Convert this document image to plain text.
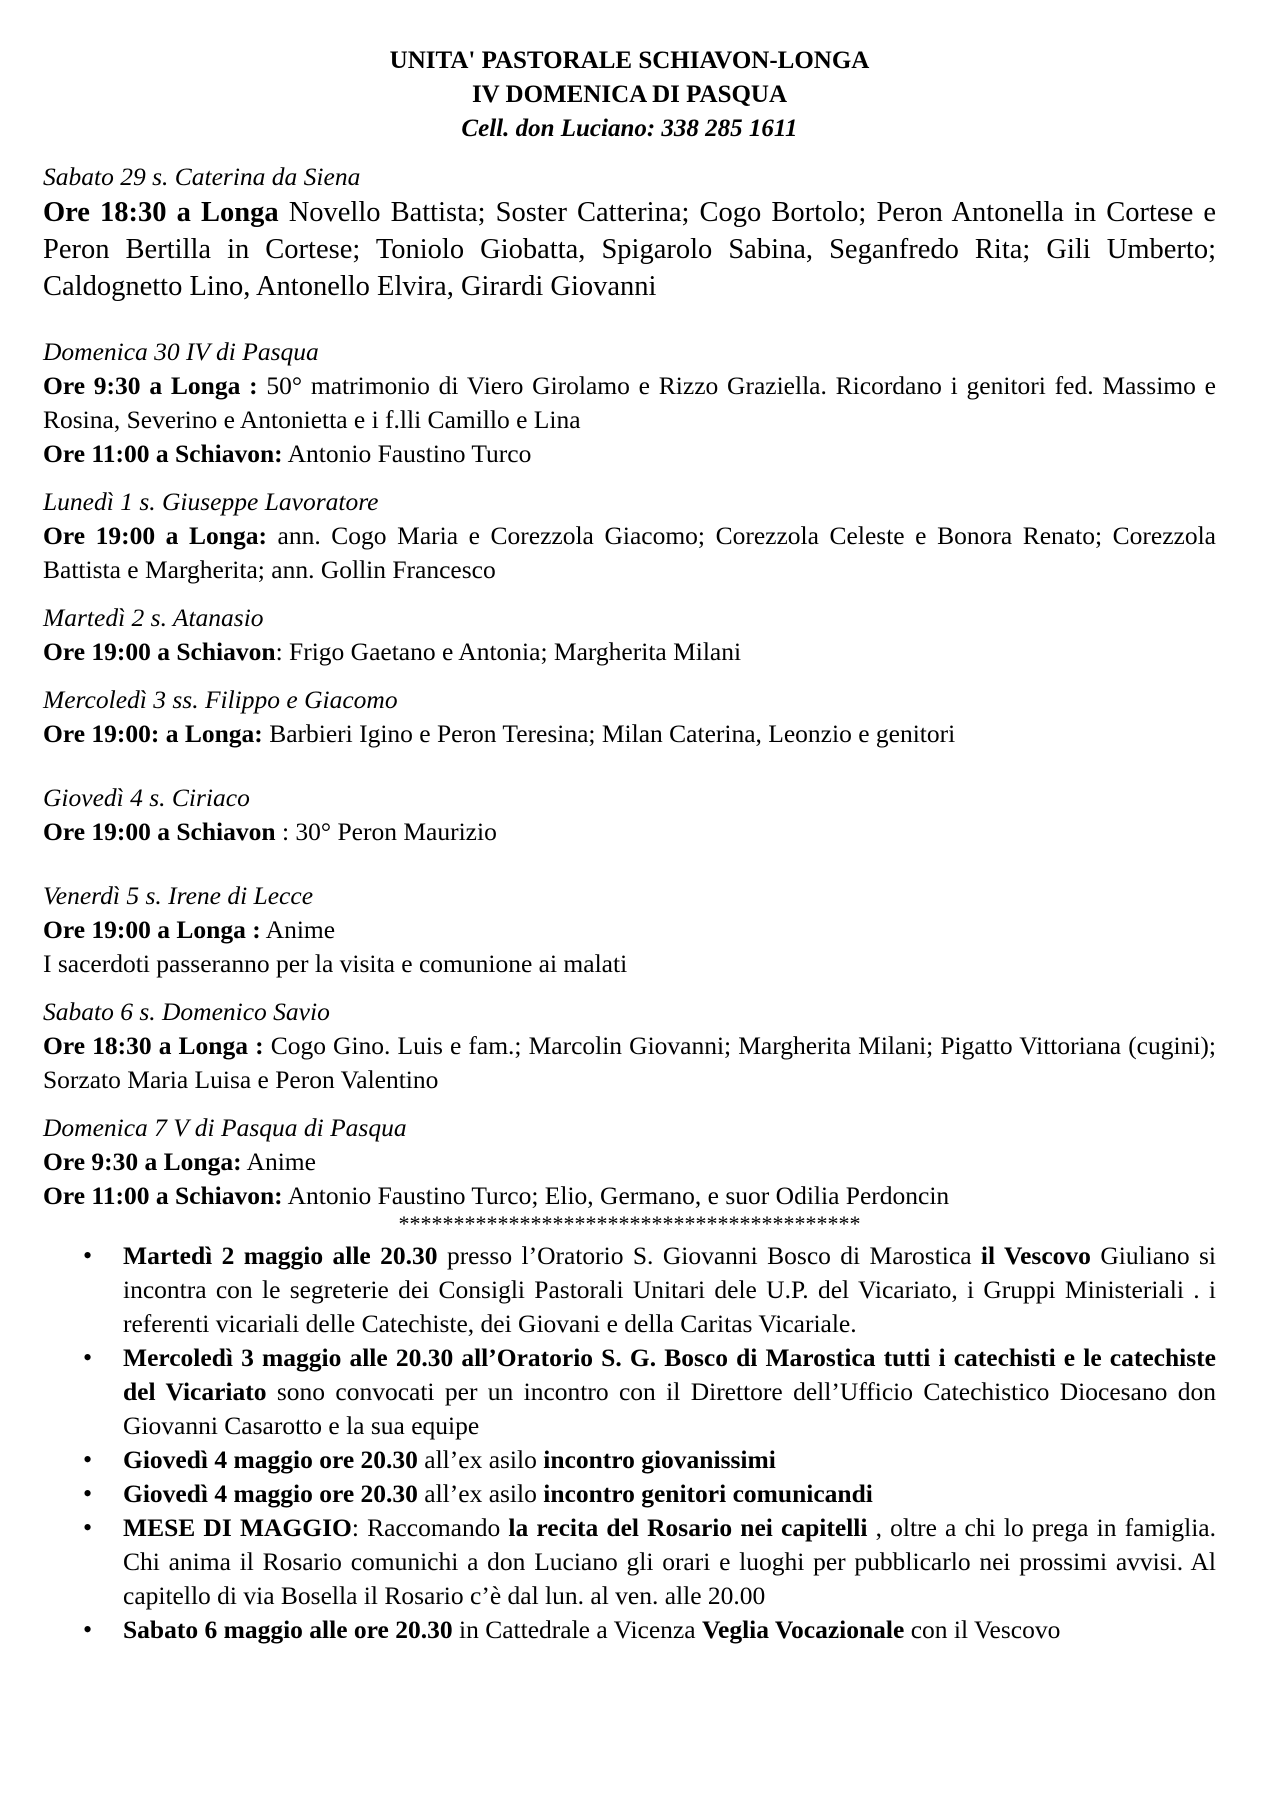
UNITA' PASTORALE SCHIAVON-LONGA
IV DOMENICA DI PASQUA
Cell. don Luciano: 338 285 1611
Sabato 29 s. Caterina da Siena
Ore 18:30 a Longa Novello Battista; Soster Catterina; Cogo Bortolo; Peron Antonella in Cortese e Peron Bertilla in Cortese; Toniolo Giobatta, Spigarolo Sabina, Seganfredo Rita; Gili Umberto; Caldognetto Lino, Antonello Elvira, Girardi Giovanni
Domenica 30 IV di Pasqua
Ore 9:30 a Longa : 50° matrimonio di Viero Girolamo e Rizzo Graziella. Ricordano i genitori fed. Massimo e Rosina, Severino e Antonietta e i f.lli Camillo e Lina
Ore 11:00 a Schiavon: Antonio Faustino Turco
Lunedì 1 s. Giuseppe Lavoratore
Ore 19:00 a Longa: ann. Cogo Maria e Corezzola Giacomo; Corezzola Celeste e Bonora Renato; Corezzola Battista e Margherita; ann. Gollin Francesco
Martedì 2 s. Atanasio
Ore 19:00 a Schiavon: Frigo Gaetano e Antonia; Margherita Milani
Mercoledì 3 ss. Filippo e Giacomo
Ore 19:00: a Longa: Barbieri Igino e Peron Teresina; Milan Caterina, Leonzio e genitori
Giovedì 4 s. Ciriaco
Ore 19:00 a Schiavon : 30° Peron Maurizio
Venerdì 5 s. Irene di Lecce
Ore 19:00 a Longa : Anime
I sacerdoti passeranno per la visita e comunione ai malati
Sabato 6 s. Domenico Savio
Ore 18:30 a Longa : Cogo Gino. Luis e fam.; Marcolin Giovanni; Margherita Milani; Pigatto Vittoriana (cugini); Sorzato Maria Luisa e Peron Valentino
Domenica 7 V di Pasqua di Pasqua
Ore 9:30 a Longa: Anime
Ore 11:00 a Schiavon: Antonio Faustino Turco; Elio, Germano, e suor Odilia Perdoncin
******************************************
• Martedì 2 maggio alle 20.30 presso l’Oratorio S. Giovanni Bosco di Marostica il Vescovo Giuliano si incontra con le segreterie dei Consigli Pastorali Unitari dele U.P. del Vicariato, i Gruppi Ministeriali . i referenti vicariali delle Catechiste, dei Giovani e della Caritas Vicariale.
• Mercoledì 3 maggio alle 20.30 all’Oratorio S. G. Bosco di Marostica tutti i catechisti e le catechiste del Vicariato sono convocati per un incontro con il Direttore dell’Ufficio Catechistico Diocesano don Giovanni Casarotto e la sua equipe
• Giovedì 4 maggio ore 20.30 all’ex asilo incontro giovanissimi
• Giovedì 4 maggio ore 20.30 all’ex asilo incontro genitori comunicandi
• MESE DI MAGGIO: Raccomando la recita del Rosario nei capitelli , oltre a chi lo prega in famiglia. Chi anima il Rosario comunichi a don Luciano gli orari e luoghi per pubblicarlo nei prossimi avvisi. Al capitello di via Bosella il Rosario c’è dal lun. al ven. alle 20.00
• Sabato 6 maggio alle ore 20.30 in Cattedrale a Vicenza Veglia Vocazionale con il Vescovo
